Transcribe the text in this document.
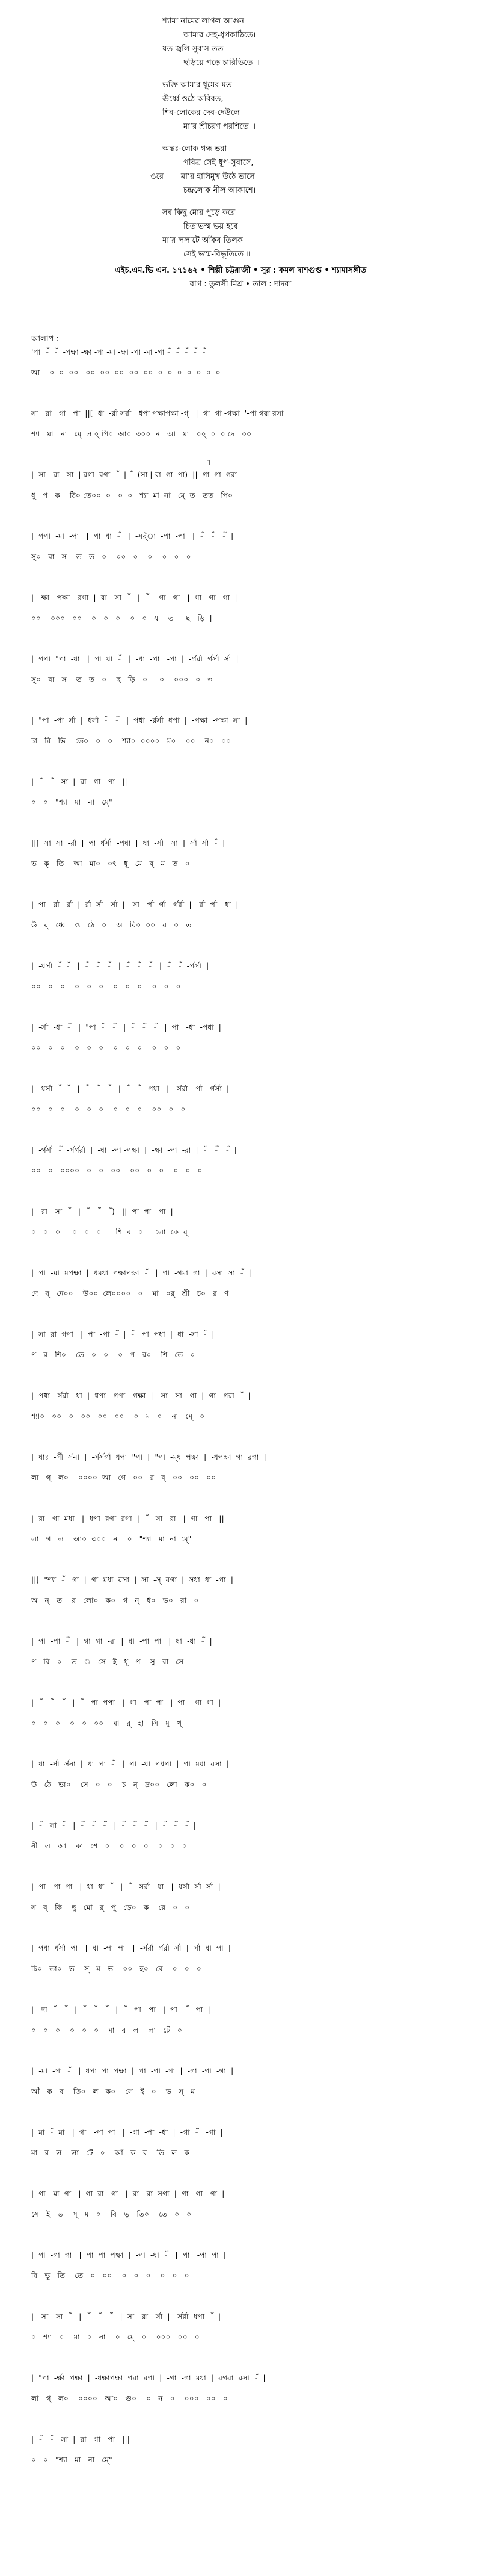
শ্যামা নামের লাগল আগুন
আমার দেহ-ধূপকাঠিতে।
যত জ্বলি সুবাস তত
ছড়িয়ে পড়ে চারিভিতে ॥
ভক্তি আমার ধূমের মত
ঊর্ধ্বে ওঠে অবিরত,
শিব-লোকের দেব-দেউলে
মা’র শ্রীচরণ পরশিতে ॥
অন্তঃ-লোক গন্ধ ভরা
পবিত্র সেই ধূপ-সুবাসে,
ওরে       মা’র হাসিমুখ উঠে ভাসে
চন্দ্রলোক নীল আকাশে।
সব কিছু মোর পুড়ে করে
চিতাভস্ম ভয় হবে
মা’র ললাটে আঁকব তিলক
সেই ভস্ম-বিভূতিতে ॥
এইচ.এম.ভি এন. ১৭১৬২ • শিল্পী চট্টরাজী • সুর : কমল দাশগুপ্ত • শ্যামাসঙ্গীত
রাগ : তুলসী মিশ্র • তাল : দাদরা
আলাপ :
'পা  -ঁ  -ঁ  -পক্ষা -ক্ষা -পা -মা -ক্ষা -পা -মা -গা -ঁ  -ঁ  -ঁ  -ঁ  -ঁ
আ    ০  ০  ০০   ০০  ০০  ০০  ০০  ০০  ০  ০  ০  ০  ০  ০  ০
সা   রা   গা   পা  ||[  ধা  -র্রা সর্রা   ধপা পক্ষাপক্ষা -গ্‌   |  গা  গা -গক্ষা  '-পা গরা রসা
শ্যা   মা   না   মে্‌  ল ০্‌ পি০  আ০  ৩০০  ন   আ   মা   ০০্  ০  ০ দে   ০০
|  সা  -রা   সা  | রগা  রগা  -ঁ  | -ঁ  (সা | রা  গা  পা)  ||  গা  গা  গরা
ধূ   প   ক    ঠি০ তে০০  ০   ০  ০   শ্যা  মা  না   মে্‌  ত   তত   পি০
1
|  গপা  -মা  -পা   |  পা  ধা  -ঁ   |  -সর্ঁা  -পা  -পা   |  -ঁ   -ঁ   -ঁ  |
সু০   বা   স    ত   ত   ০    ০০   ০    ০    ০   ০   ০
|  -ক্ষা  -পক্ষা  -রগা  |  রা  -সা  -ঁ   |  -ঁ   -গা   গা   |  গা   গা   গা  |
০০    ০০০   ০০    ০   ০   ০    ০   ০   য    ত     ছ   ড়ি  |
|  গপা  "পা  -ধা   |  পা  ধা  -ঁ   |  -ধা  -পা   -পা  |  -র্গর্রা  র্গর্সা  র্সা  |
সু০   বা   স    ত   ত   ০    ছ   ড়ি   ০     ০    ০০০   ০   ৩
|  "পা  -পা  র্সা  |  ধর্সা  -ঁ   -ঁ   |  পধা  -র্রর্সা  ধপা  |  -পক্ষা  -পক্ষা  সা  |
চা   রি   ভি    তে০   ০   ০    শ্যা০  ০০০০   ম০    ০০    ন০   ০০
|  -ঁ   -ঁ   সা  |  রা   গা   পা   ||
০   ০   "শ্যা   মা   না   মে্"
||[  সা  সা  -র্রা  |  পা  র্ধর্সা  -পধা  |  ধা  -র্সা   সা  |  র্সা  র্সা  -ঁ  |
ভ   ক্‌   তি    আ   মা০   ০ৎ   ধূ   মে   ব্‌   ম   ত   ০
|  পা  -র্রা   র্রা  |  র্রা  র্সা  -র্সা  |  -সা  -র্পা  র্গা   র্গর্রা  |  -র্রা  র্পা  -ধা  |
উ   র্‌   ধ্বে    ও   ঠে   ০    অ   বি০  ০০   র   ০   ত
|  -ধর্সা  -ঁ  -ঁ   |  -ঁ   -ঁ   -ঁ   |  -ঁ   -ঁ   -ঁ   |  -ঁ   -ঁ  -র্পর্সা  |
০০   ০   ০    ০   ০   ০    ০   ০   ০    ০   ০   ০
|  -র্সা  -ধা  -ঁ   |  "পা  -ঁ   -ঁ   |  -ঁ   -ঁ   -ঁ   |  পা   -ধা  -পধা  |
০০   ০   ০    ০   ০   ০    ০   ০   ০    ০   ০   ০
|  -ধর্সা  -ঁ  -ঁ   |  -ঁ   -ঁ   -ঁ   |  -ঁ   -ঁ   পধা   |  -র্সর্রা  -র্পা  -র্গর্সা  |
০০   ০   ০    ০   ০   ০    ০   ০   ০    ০০   ০   ০
|  -র্গর্সা  -ঁ  -র্সর্গর্রা  |  -ধা  -পা -পক্ষা  |  -ক্ষা  -পা  -রা  |  -ঁ   -ঁ   -ঁ  |
০০   ০   ০০০০   ০   ০   ০০    ০০   ০   ০    ০   ০   ০
|  -রা  -সা  -ঁ   |  -ঁ   -ঁ   -ঁ)   ||  পা  পা  -পা  |
০   ০   ০     ০   ০   ০      শি  ব   ০     লো  কে  র্‌
|  পা  -মা  মপক্ষা  |  ধমধা  পক্ষাপক্ষা  -ঁ   |  গা  -গমা  গা  |  রসা  সা  -ঁ  |
দে   ব্‌   দে০০    উ০০  লে০০০০   ০    মা   ০র্‌   শ্রী   চ০   র   ণ
|  সা  রা  গপা   |  পা  -পা  -ঁ  |  -ঁ   পা  পধা  |  ধা  -সা  -ঁ  |
প   র   শি০    তে   ০   ০    ০   প   র০    শি   তে   ০
|  পধা  -র্সর্রা  -ধা  |  ধপা  -গপা  -গক্ষা  |  -সা  -সা  -গা  |  গা  -গরা  -ঁ  |
শ্যা০   ০০   ০   ০০   ০০   ০০    ০   ম   ০    না   মে্‌   ০
|  ধাঃ  -র্সী  র্সনা  |  -র্সর্সর্গা  ধপা  "পা  |  "পা  -ম্ধ  পক্ষা  |  -ধপক্ষা  গা  রগা  |
লা   গ্‌   ল০    ০০০০  আ   গে   ০০   র   ব্‌   ০০   ০০   ০০
|  রা  -গা  মধা   |  ধপা  রগা  রগা  |  -ঁ   সা   রা   |  গা   পা   ||
লা   গ   ল    আ০  ৩০০   ন    ০   "শ্যা   মা  না  মে্"
||[  "শ্যা  -ঁ   গা  |  গা  মধা  রসা  |  সা  -স্‌  রগা  |  সধা  ধা  -পা  |
অ   ন্‌   ত    র   লো০   ক০   গ   ন্‌   ধ০   ভ০   রা   ০
|  পা  -পা  -ঁ   |  গা  গা  -রা  |  ধা  -পা  পা   |  ধা  -ধা  -ঁ  |
প   বি   ০    ত   ্র   সে   ই   ধূ   প    সু   বা   সে
|  -ঁ   -ঁ   -ঁ   |  -ঁ   পা  পপা   |  গা  -পা  পা   |  পা   -গা  গা  |
০   ০   ০    ০   ০   ০০    মা   র্‌   হা   সি   মু   খ্‌
|  ধা  -র্সা  র্সনা  |  ধা  পা  -ঁ   |  পা  -ধা  পধপা  |  গা  মধা  রসা  |
উ   ঠে   ভা০    সে   ০   ০    চ   ন্‌   দ্র০০   লো   ক০   ০
|  -ঁ   সা  -ঁ   |  -ঁ   -ঁ   -ঁ   |  -ঁ   -ঁ   -ঁ   |  -ঁ   -ঁ   -ঁ  |
নী   ল   আ    কা   শে   ০    ০   ০   ০    ০   ০   ০
|  পা  -পা  পা   |  ধা  ধা  -ঁ   |  -ঁ   সর্রা  -ধা   |  ধর্সা  র্সা  র্সা  |
স   ব্‌   কি    ছু   মো   র্‌   পু   ড়ে০   ক    রে   ০   ০
|  পধা  র্ধর্সা  পা   |  ধা  -পা  পা   |  -র্সর্রা  র্গর্রা  র্সা  |  র্সা  ধা  পা  |
চি০   তা০   ভ    স্‌   ম   ভ    ০০   হ০   বে    ০   ০   ০
|  -দা  -ঁ   -ঁ   |  -ঁ   -ঁ   -ঁ   |  -ঁ   পা   পা   |  পা   -ঁ   পা  |
০   ০   ০    ০   ০   ০    মা   র   ল    লা   টে   ০
|  -মা  -পা  -ঁ   |  ধপা  পা  পক্ষা  |  পা  -গা  -পা  |  -গা  -গা  -গা  |
আঁ   ক   ব    তি০   ল   ক০    সে   ই   ০    ভ   স্‌   ম
|  মা  -ঁ  মা   |  গা   -পা  পা   |  -গা  -পা  -ধা  |  -গা  -ঁ   -গা  |
মা   র   ল    লা   টে   ০    আঁ   ক   ব    তি   ল   ক
|  গা  -মা  গা   |  গা  রা  -গা   |  রা  -রা  সগা  |  গা   গা  -গা  |
সে   ই   ভ    স্‌   ম   ০    বি   ভূ   তি০    তে   ০   ০
|  গা  -গা  গা   |  পা  পা  পক্ষা  |  -পা  -ধা  -ঁ   |  পা   -পা  পা  |
বি   ভূ   তি    তে   ০   ০০    ০   ০   ০    ০   ০   ০
|  -সা  -সা  -ঁ   |  -ঁ   -ঁ   -ঁ   |  সা  -রা  -র্সা  |  -র্সর্রা  ধপা  -ঁ  |
০   শ্যা   ০    মা   ০   না    ০   মে্‌   ০    ০০০   ০০   ০
|  "পা  -র্ক্ষা  পক্ষা  |  -ধক্ষাপক্ষা  গরা  রগা  |  -গা  -গা  মধা  |  রগরা  রসা  -ঁ  |
লা   গ্‌   ল০    ০০০০   আ০   গু০    ০   ন   ০    ০০০   ০০   ০
|  -ঁ   -ঁ   সা  |  রা   গা   পা   |||
০   ০   "শ্যা   মা   না   মে্"
